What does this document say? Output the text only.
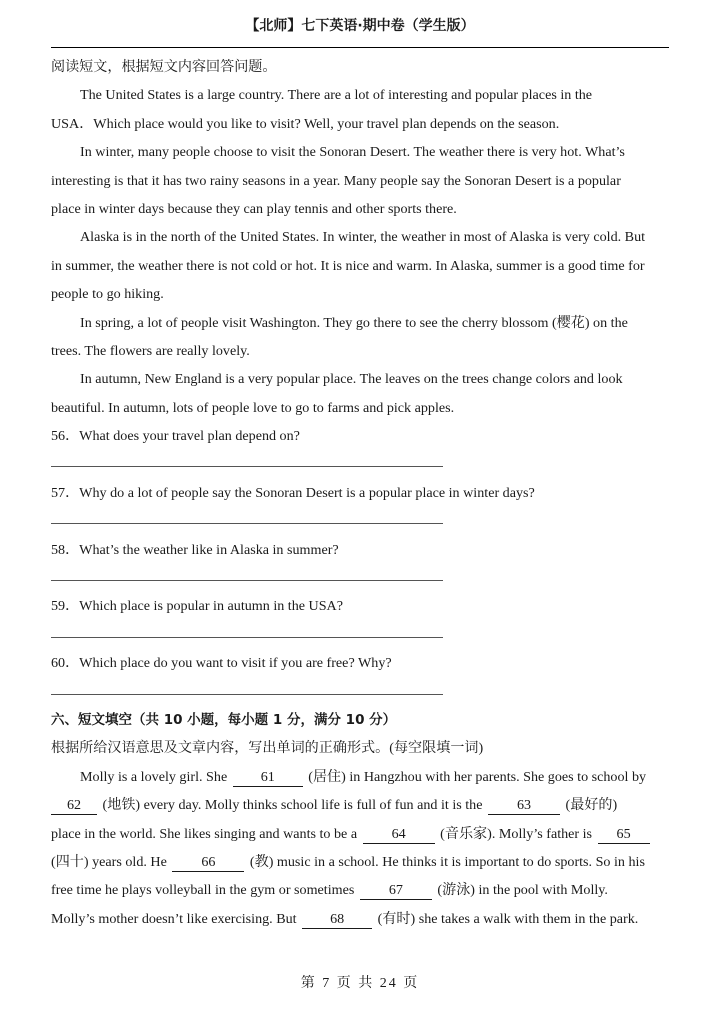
【北师】七下英语·期中卷（学生版）
阅读短文，根据短文内容回答问题。
The United States is a large country. There are a lot of interesting and popular places in the
USA．Which place would you like to visit? Well, your travel plan depends on the season.
In winter, many people choose to visit the Sonoran Desert. The weather there is very hot. What’s
interesting is that it has two rainy seasons in a year. Many people say the Sonoran Desert is a popular
place in winter days because they can play tennis and other sports there.
Alaska is in the north of the United States. In winter, the weather in most of Alaska is very cold. But
in summer, the weather there is not cold or hot. It is nice and warm. In Alaska, summer is a good time for
people to go hiking.
In spring, a lot of people visit Washington. They go there to see the cherry blossom (樱花) on the
trees. The flowers are really lovely.
In autumn, New England is a very popular place. The leaves on the trees change colors and look
beautiful. In autumn, lots of people love to go to farms and pick apples.
56．What does your travel plan depend on?
57．Why do a lot of people say the Sonoran Desert is a popular place in winter days?
58．What’s the weather like in Alaska in summer?
59．Which place is popular in autumn in the USA?
60．Which place do you want to visit if you are free? Why?
六、短文填空（共 10 小题，每小题 1 分，满分 10 分）
根据所给汉语意思及文章内容，写出单词的正确形式。(每空限填一词)
Molly is a lovely girl. She 61 (居住) in Hangzhou with her parents. She goes to school by
62 (地铁) every day. Molly thinks school life is full of fun and it is the 63 (最好的)
place in the world. She likes singing and wants to be a 64 (音乐家). Molly’s father is 65
(四十) years old. He 66 (教) music in a school. He thinks it is important to do sports. So in his
free time he plays volleyball in the gym or sometimes 67 (游泳) in the pool with Molly.
Molly’s mother doesn’t like exercising. But 68 (有时) she takes a walk with them in the park.
第 7 页 共 24 页
